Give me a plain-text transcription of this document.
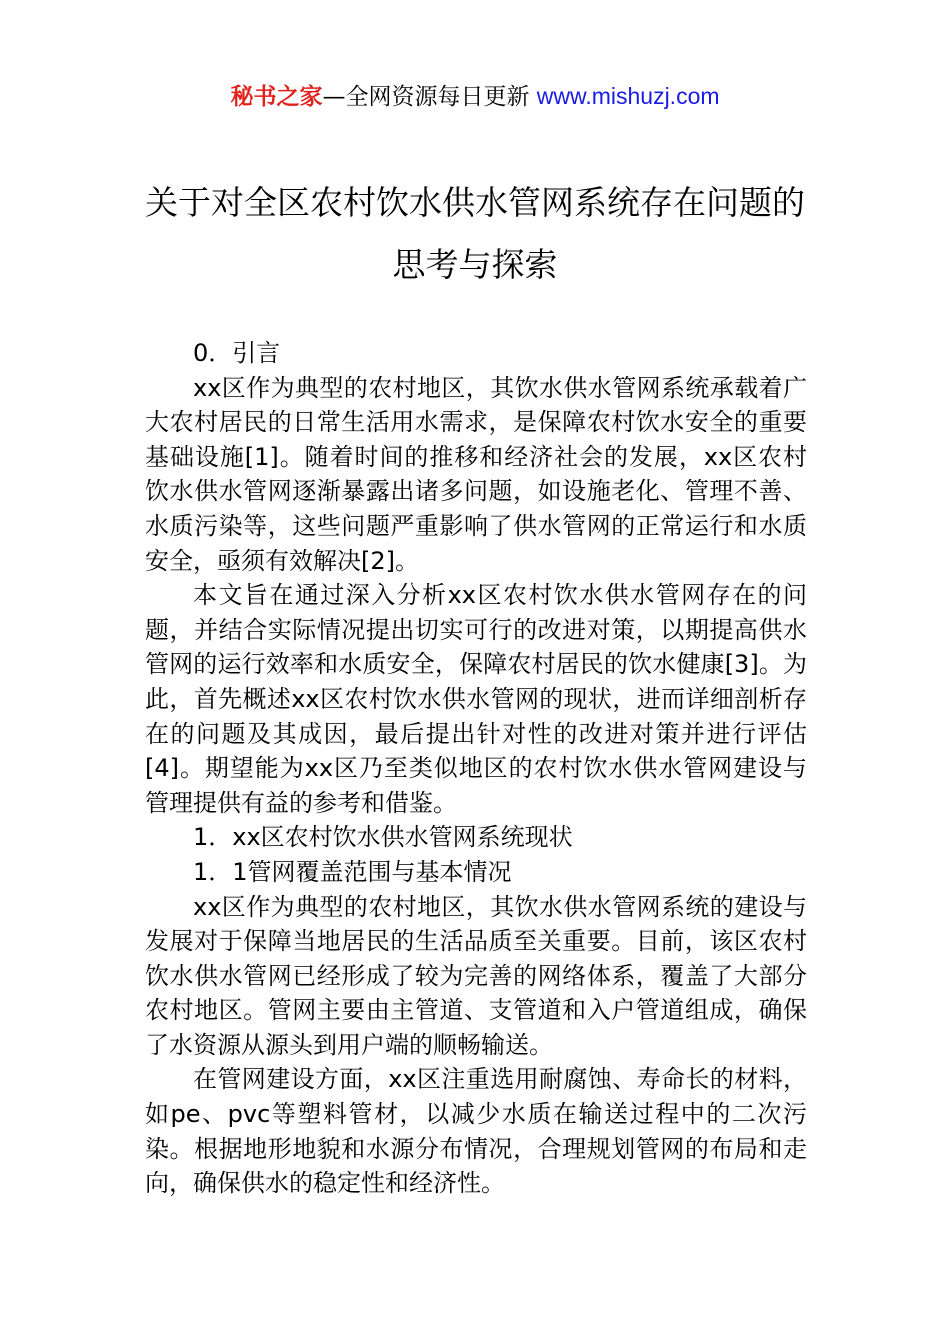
秘书之家—全网资源每日更新 www.mishuzj.com
关于对全区农村饮水供水管网系统存在问题的思考与探索

0．引言

xx区作为典型的农村地区，其饮水供水管网系统承载着广大农村居民的日常生活用水需求，是保障农村饮水安全的重要基础设施[1]。随着时间的推移和经济社会的发展，xx区农村饮水供水管网逐渐暴露出诸多问题，如设施老化、管理不善、水质污染等，这些问题严重影响了供水管网的正常运行和水质安全，亟须有效解决[2]。

本文旨在通过深入分析xx区农村饮水供水管网存在的问题，并结合实际情况提出切实可行的改进对策，以期提高供水管网的运行效率和水质安全，保障农村居民的饮水健康[3]。为此，首先概述xx区农村饮水供水管网的现状，进而详细剖析存在的问题及其成因，最后提出针对性的改进对策并进行评估[4]。期望能为xx区乃至类似地区的农村饮水供水管网建设与管理提供有益的参考和借鉴。

1．xx区农村饮水供水管网系统现状

1．1管网覆盖范围与基本情况

xx区作为典型的农村地区，其饮水供水管网系统的建设与发展对于保障当地居民的生活品质至关重要。目前，该区农村饮水供水管网已经形成了较为完善的网络体系，覆盖了大部分农村地区。管网主要由主管道、支管道和入户管道组成，确保了水资源从源头到用户端的顺畅输送。

在管网建设方面，xx区注重选用耐腐蚀、寿命长的材料，如pe、pvc等塑料管材，以减少水质在输送过程中的二次污染。根据地形地貌和水源分布情况，合理规划管网的布局和走向，确保供水的稳定性和经济性。
